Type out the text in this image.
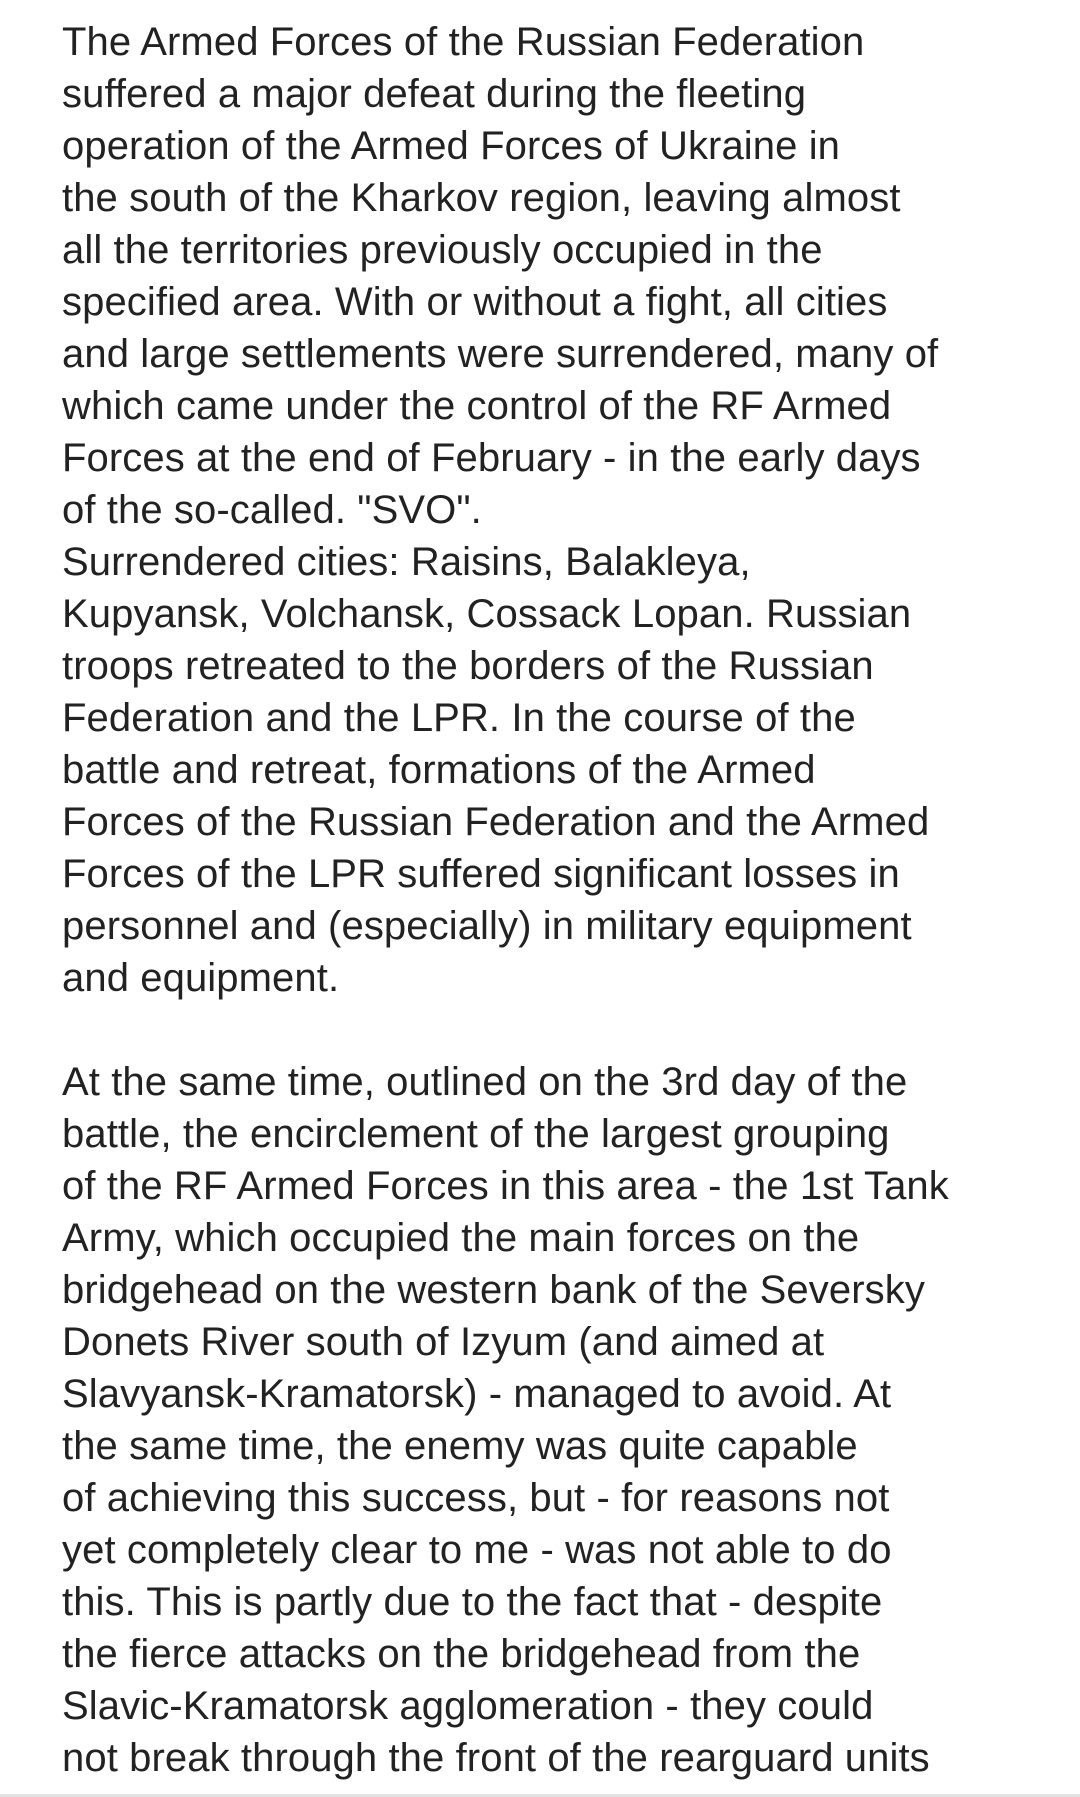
The Armed Forces of the Russian Federation
suffered a major defeat during the fleeting
operation of the Armed Forces of Ukraine in
the south of the Kharkov region, leaving almost
all the territories previously occupied in the
specified area. With or without a fight, all cities
and large settlements were surrendered, many of
which came under the control of the RF Armed
Forces at the end of February - in the early days
of the so-called. "SVO".
Surrendered cities: Raisins, Balakleya,
Kupyansk, Volchansk, Cossack Lopan. Russian
troops retreated to the borders of the Russian
Federation and the LPR. In the course of the
battle and retreat, formations of the Armed
Forces of the Russian Federation and the Armed
Forces of the LPR suffered significant losses in
personnel and (especially) in military equipment
and equipment.
At the same time, outlined on the 3rd day of the
battle, the encirclement of the largest grouping
of the RF Armed Forces in this area - the 1st Tank
Army, which occupied the main forces on the
bridgehead on the western bank of the Seversky
Donets River south of Izyum (and aimed at
Slavyansk-Kramatorsk) - managed to avoid. At
the same time, the enemy was quite capable
of achieving this success, but - for reasons not
yet completely clear to me - was not able to do
this. This is partly due to the fact that - despite
the fierce attacks on the bridgehead from the
Slavic-Kramatorsk agglomeration - they could
not break through the front of the rearguard units
